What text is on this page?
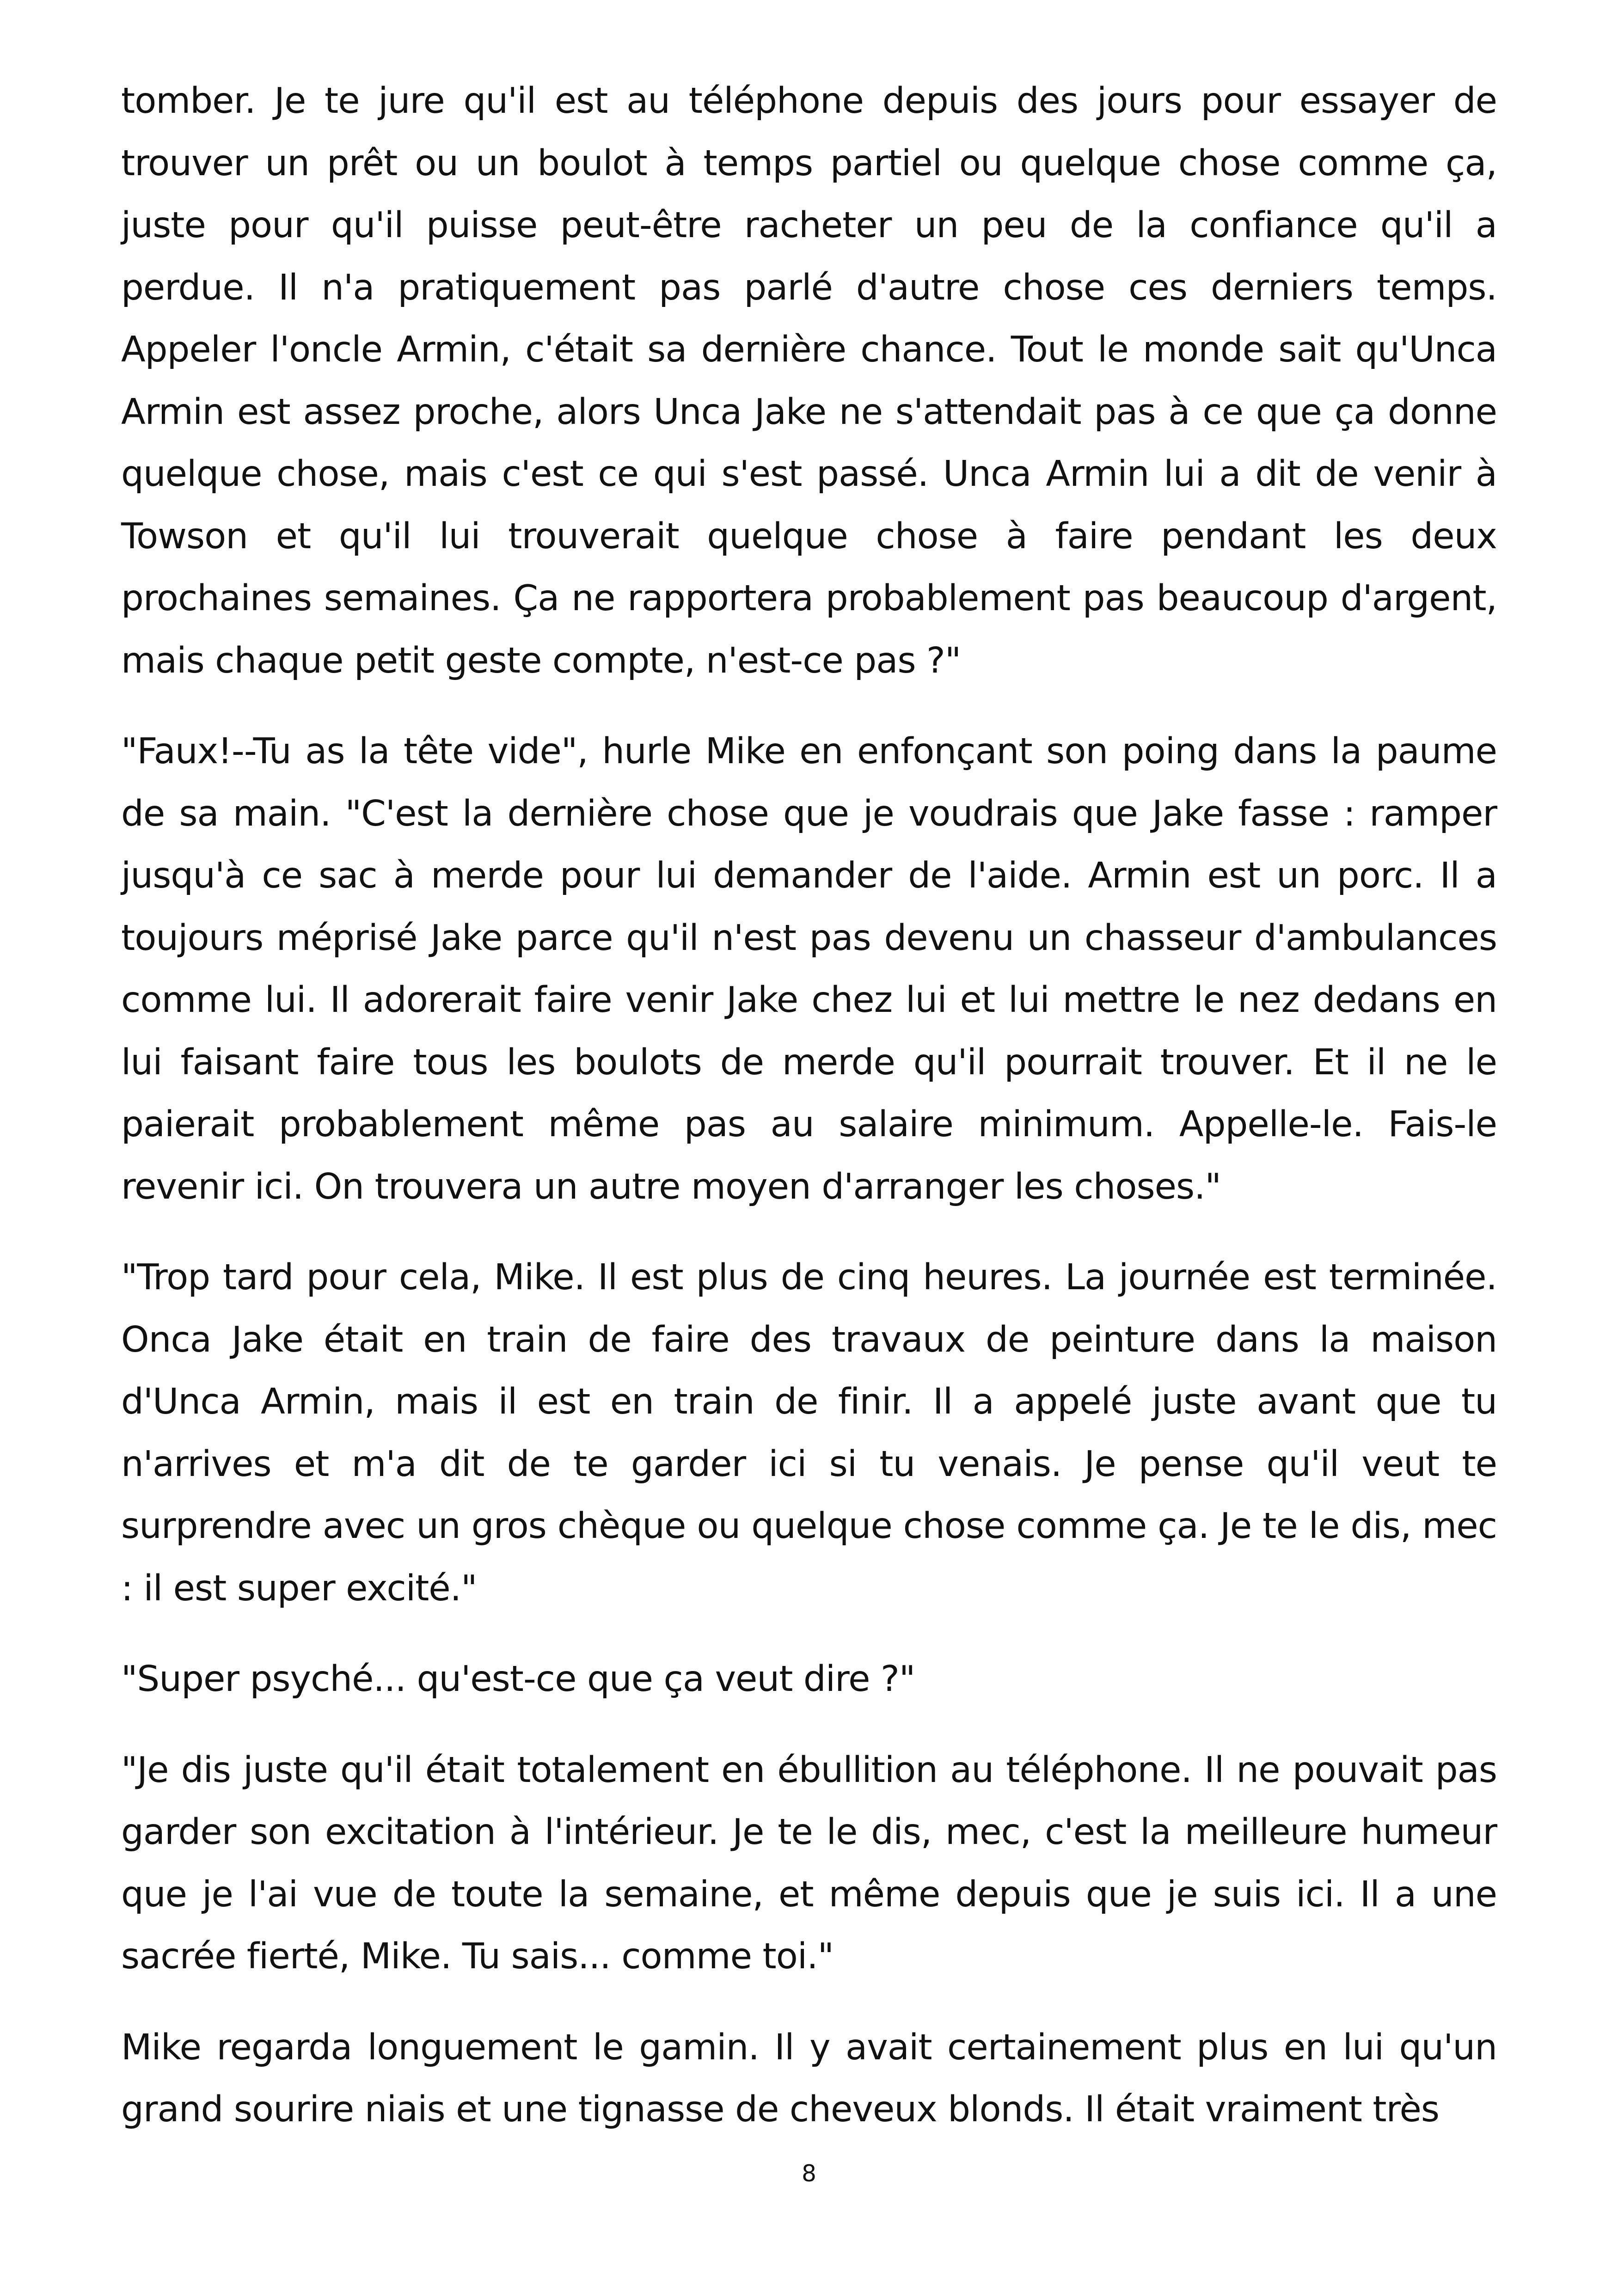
tomber. Je te jure qu'il est au téléphone depuis des jours pour essayer de trouver un prêt ou un boulot à temps partiel ou quelque chose comme ça, juste pour qu'il puisse peut-être racheter un peu de la confiance qu'il a perdue. Il n'a pratiquement pas parlé d'autre chose ces derniers temps. Appeler l'oncle Armin, c'était sa dernière chance. Tout le monde sait qu'Unca Armin est assez proche, alors Unca Jake ne s'attendait pas à ce que ça donne quelque chose, mais c'est ce qui s'est passé. Unca Armin lui a dit de venir à Towson et qu'il lui trouverait quelque chose à faire pendant les deux prochaines semaines. Ça ne rapportera probablement pas beaucoup d'argent, mais chaque petit geste compte, n'est-ce pas ?"

"Faux!--Tu as la tête vide", hurle Mike en enfonçant son poing dans la paume de sa main. "C'est la dernière chose que je voudrais que Jake fasse : ramper jusqu'à ce sac à merde pour lui demander de l'aide. Armin est un porc. Il a toujours méprisé Jake parce qu'il n'est pas devenu un chasseur d'ambulances comme lui. Il adorerait faire venir Jake chez lui et lui mettre le nez dedans en lui faisant faire tous les boulots de merde qu'il pourrait trouver. Et il ne le paierait probablement même pas au salaire minimum. Appelle-le. Fais-le revenir ici. On trouvera un autre moyen d'arranger les choses."

"Trop tard pour cela, Mike. Il est plus de cinq heures. La journée est terminée. Onca Jake était en train de faire des travaux de peinture dans la maison d'Unca Armin, mais il est en train de finir. Il a appelé juste avant que tu n'arrives et m'a dit de te garder ici si tu venais. Je pense qu'il veut te surprendre avec un gros chèque ou quelque chose comme ça. Je te le dis, mec : il est super excité."

"Super psyché... qu'est-ce que ça veut dire ?"

"Je dis juste qu'il était totalement en ébullition au téléphone. Il ne pouvait pas garder son excitation à l'intérieur. Je te le dis, mec, c'est la meilleure humeur que je l'ai vue de toute la semaine, et même depuis que je suis ici. Il a une sacrée fierté, Mike. Tu sais... comme toi."

Mike regarda longuement le gamin. Il y avait certainement plus en lui qu'un grand sourire niais et une tignasse de cheveux blonds. Il était vraiment très

8
